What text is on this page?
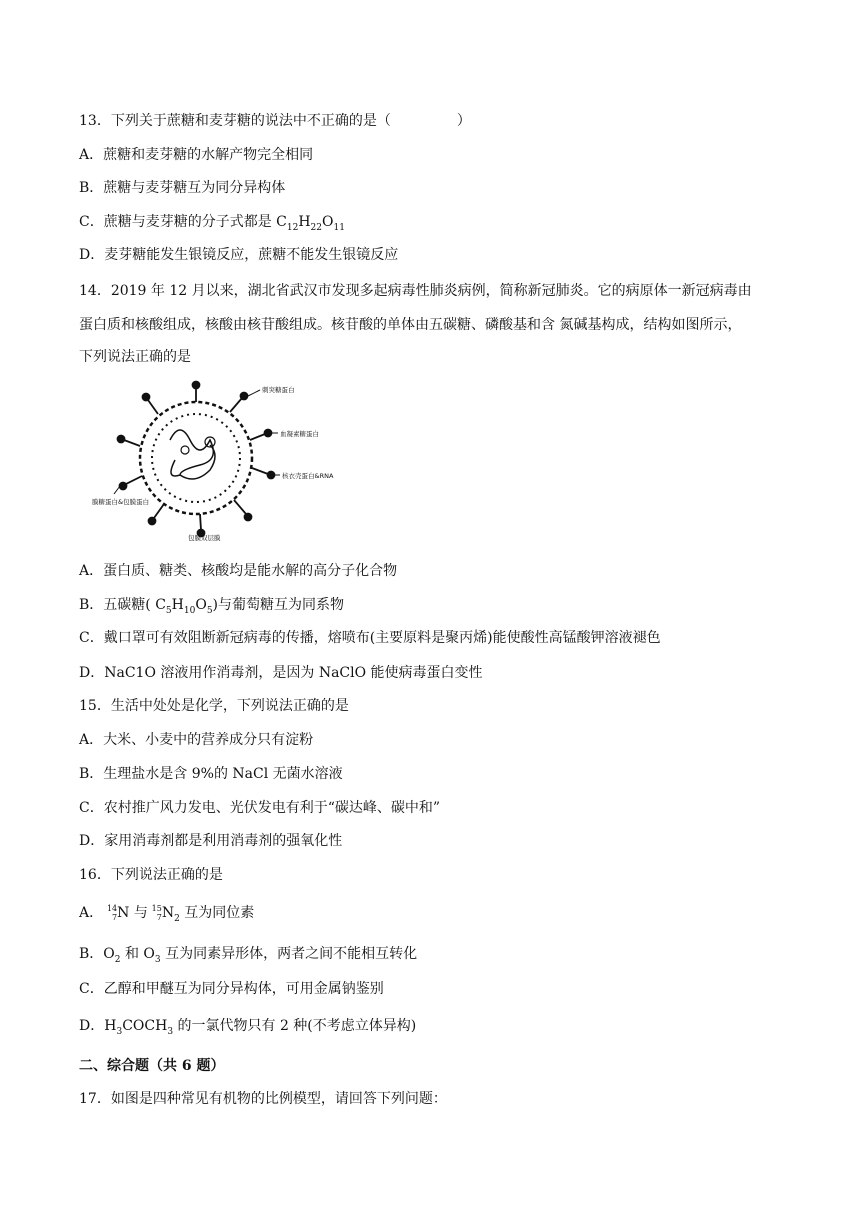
13．下列关于蔗糖和麦芽糖的说法中不正确的是（	）
A．蔗糖和麦芽糖的水解产物完全相同
B．蔗糖与麦芽糖互为同分异构体
C．蔗糖与麦芽糖的分子式都是 $C_{12}H_{22}O_{11}$
D．麦芽糖能发生银镜反应，蔗糖不能发生银镜反应
14．2019 年 12 月以来，湖北省武汉市发现多起病毒性肺炎病例，简称新冠肺炎。它的病原体一新冠病毒由
蛋白质和核酸组成，核酸由核苷酸组成。核苷酸的单体由五碳糖、磷酸基和含 氮碱基构成，结构如图所示，
下列说法正确的是
刺突糖蛋白
血凝素糖蛋白
核衣壳蛋白&RNA
膜糖蛋白&包膜蛋白
包膜双层膜
A．蛋白质、糖类、核酸均是能水解的高分子化合物
B．五碳糖( $C_5H_{10}O_5$)与葡萄糖互为同系物
C．戴口罩可有效阻断新冠病毒的传播，熔喷布(主要原料是聚丙烯)能使酸性高锰酸钾溶液褪色
D．NaC1O 溶液用作消毒剂，是因为 NaClO 能使病毒蛋白变性
15．生活中处处是化学，下列说法正确的是
A．大米、小麦中的营养成分只有淀粉
B．生理盐水是含 9%的 NaCl 无菌水溶液
C．农村推广风力发电、光伏发电有利于“碳达峰、碳中和”
D．家用消毒剂都是利用消毒剂的强氧化性
16．下列说法正确的是
A． 14
7 N 与 15
7 $N_2$ 互为同位素
B．$O_2$ 和 $O_3$ 互为同素异形体，两者之间不能相互转化
C．乙醇和甲醚互为同分异构体，可用金属钠鉴别
D．$H_3COCH_3$ 的一氯代物只有 2 种(不考虑立体异构)
二、综合题（共 6 题）
17．如图是四种常见有机物的比例模型，请回答下列问题：
